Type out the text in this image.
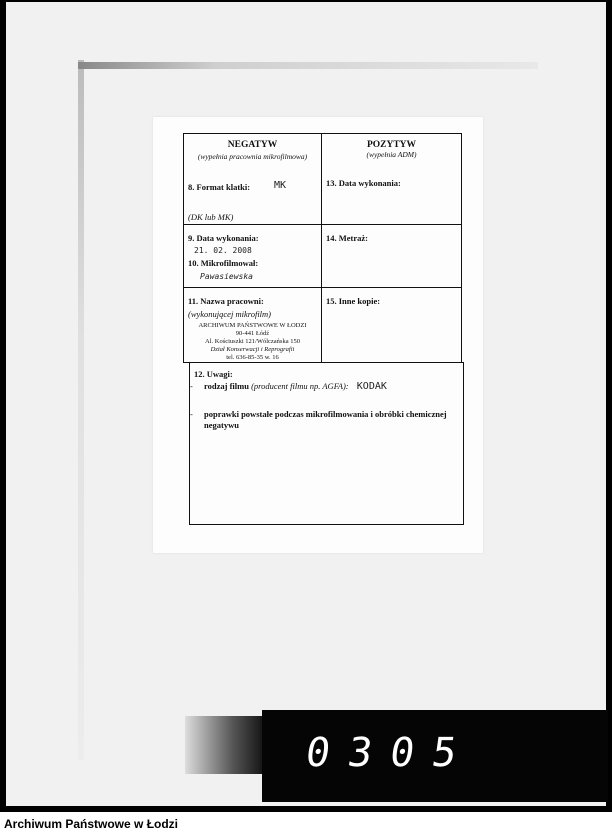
NEGATYW
(wypełnia pracownia mikrofilmowa)
8. Format klatki: MK
(DK lub MK)
POZYTYW
(wypełnia ADM)
13. Data wykonania:
9. Data wykonania:
21. 02. 2008
10. Mikrofilmował:
Pawasiewska
14. Metraż:
11. Nazwa pracowni:
(wykonującej mikrofilm)
ARCHIWUM PAŃSTWOWE W ŁODZI
90-441 Łódź
Al. Kościuszki 121/Wólczańska 150
Dział Konserwacji i Reprografii
tel. 636-85-35 w. 16
15. Inne kopie:
12. Uwagi:
- rodzaj filmu (producent filmu np. AGFA): KODAK
- poprawki powstałe podczas mikrofilmowania i obróbki chemicznej negatywu
0305
Archiwum Państwowe w Łodzi
